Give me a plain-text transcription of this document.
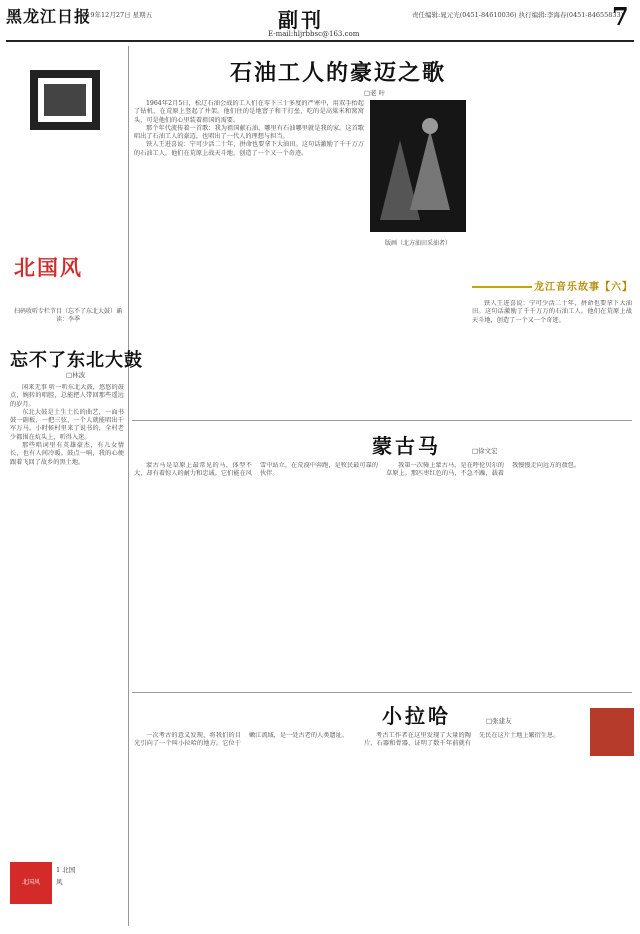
黑龙江日报
2019年12月27日 星期五	副刊
E-mail:hljrbbsc@163.com
责任编辑:晁元光(0451-84610036) 执行编辑:李海春(0451-84655833)
7
北国风
扫码收听专栏节目（忘不了东北大鼓）诵读：李季
忘不了东北大鼓
□林波

闲来无事 听一听东北大鼓，悠悠的鼓点，婉转的唱腔，总能把人带回那些遥远的岁月。

东北大鼓是土生土长的曲艺，一面书鼓一副板，一把三弦，一个人就能唱出千军万马。小时候村里来了说书的，全村老少都围在炕头上，听得入迷。

那些唱词里有英雄豪杰，有儿女情长，也有人间冷暖。鼓点一响，我的心便跟着飞回了故乡的黑土地。

北国风
1 北国风
石油工人的豪迈之歌
□老 叶

1964年2月5日，松辽石油会战的工人们在零下三十多度的严寒中，用双手抬起了钻机，在荒原上竖起了井架。他们住的是地窨子和干打垒，吃的是高粱米和窝窝头，可是他们的心里装着祖国的需要。

那个年代流传着一首歌：我为祖国献石油，哪里有石油哪里就是我的家。这首歌唱出了石油工人的豪迈，也唱出了一代人的理想与担当。

铁人王进喜说：宁可少活二十年，拼命也要拿下大油田。这句话激励了千千万万的石油工人。他们在荒原上战天斗地，创造了一个又一个奇迹。

版画（北方油田采油者）
龙江音乐故事【六】

铁人王进喜说：宁可少活二十年，拼命也要拿下大油田。这句话激励了千千万万的石油工人。他们在荒原上战天斗地，创造了一个又一个奇迹。

蒙古马	□徐文宏

蒙古马是草原上最常见的马，体型不大，却有着惊人的耐力和忠诚。它们能在风雪中站立，在荒漠中奔跑，是牧民最可靠的伙伴。

我第一次骑上蒙古马，是在呼伦贝尔的草原上。那匹枣红色的马，不急不躁，载着我慢慢走向远方的敖包。

小拉哈	□张建友

一次考古的意义发现，将我们的目光引向了一个叫小拉哈的地方。它位于嫩江流域，是一处古老的人类遗址。	考古工作者在这里发现了大量的陶片、石器和骨器，证明了数千年前就有先民在这片土地上繁衍生息。
